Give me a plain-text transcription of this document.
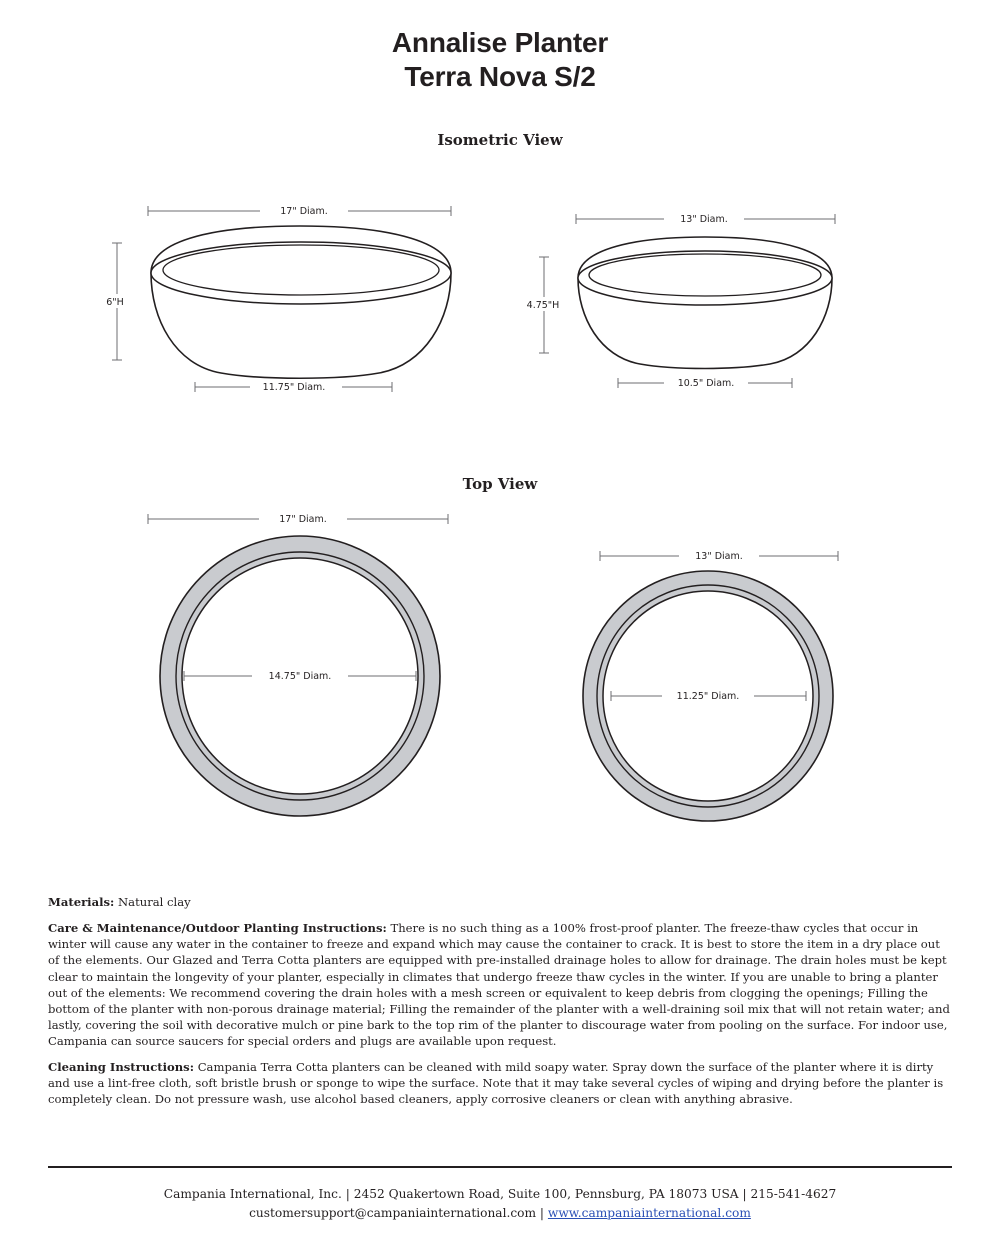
Annalise Planter
Terra Nova S/2
Isometric View
17" Diam.
6"H
11.75" Diam.
13" Diam.
4.75"H
10.5" Diam.
Top View
17" Diam.
14.75" Diam.
13" Diam.
11.25" Diam.
Materials: Natural clay
Care & Maintenance/Outdoor Planting Instructions: There is no such thing as a 100% frost-proof planter. The freeze-thaw cycles that occur in winter will cause any water in the container to freeze and expand which may cause the container to crack. It is best to store the item in a dry place out of the elements. Our Glazed and Terra Cotta planters are equipped with pre-installed drainage holes to allow for drainage. The drain holes must be kept clear to maintain the longevity of your planter, especially in climates that undergo freeze thaw cycles in the winter. If you are unable to bring a planter out of the elements: We recommend covering the drain holes with a mesh screen or equivalent to keep debris from clogging the openings; Filling the bottom of the planter with non-porous drainage material; Filling the remainder of the planter with a well-draining soil mix that will not retain water; and lastly, covering the soil with decorative mulch or pine bark to the top rim of the planter to discourage water from pooling on the surface. For indoor use, Campania can source saucers for special orders and plugs are available upon request.
Cleaning Instructions: Campania Terra Cotta planters can be cleaned with mild soapy water. Spray down the surface of the planter where it is dirty and use a lint-free cloth, soft bristle brush or sponge to wipe the surface. Note that it may take several cycles of wiping and drying before the planter is completely clean. Do not pressure wash, use alcohol based cleaners, apply corrosive cleaners or clean with anything abrasive.
Campania International, Inc. | 2452 Quakertown Road, Suite 100, Pennsburg, PA 18073 USA | 215-541-4627
customersupport@campaniainternational.com | www.campaniainternational.com
